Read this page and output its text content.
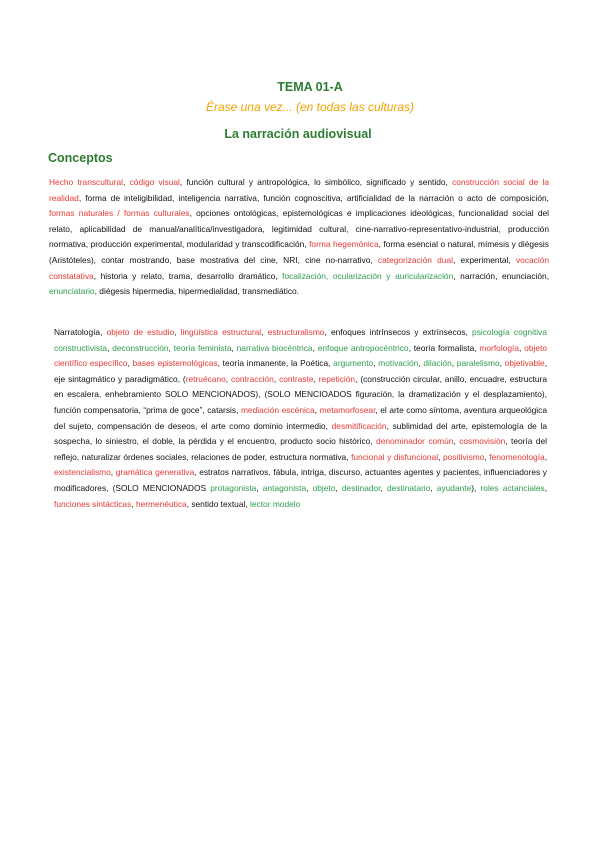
TEMA 01-A
Érase una vez... (en todas las culturas)
La narración audiovisual
Conceptos
Hecho transcultural, código visual, función cultural y antropológica, lo simbólico, significado y sentido, construcción social de la realidad, forma de inteligibilidad, inteligencia narrativa, función cognoscitiva, artificialidad de la narración o acto de composición, formas naturales / formas culturales, opciones ontológicas, epistemológicas e implicaciones ideológicas, funcionalidad social del relato, aplicabilidad de manual/analítica/investigadora, legitimidad cultural, cine-narrativo-representativo-industrial, producción normativa, producción experimental, modularidad y transcodificación, forma hegemónica, forma esencial o natural, mímesis y diégesis (Aristóteles), contar mostrando, base mostrativa del cine, NRI, cine no-narrativo, categorización dual, experimental, vocación constatativa, historia y relato, trama, desarrollo dramático, focalización, ocularización y auricularización, narración, enunciación, enunciatario, diégesis hipermedia, hipermedialidad, transmediático.
Narratología, objeto de estudio, lingüística estructural, estructuralismo, enfoques intrínsecos y extrínsecos, psicología cognitiva constructivista, deconstrucción, teoría feminista, narrativa biocéntrica, enfoque antropocéntrico, teoría formalista, morfología, objeto científico específico, bases epistemológicas, teoría inmanente, la Poética, argumento, motivación, dilación, paralelismo, objetivable, eje sintagmático y paradigmático, (retruécano, contracción, contraste, repetición, (construcción circular, anillo, encuadre, estructura en escalera, enhebramiento SOLO MENCIONADOS), (SOLO MENCIOADOS figuración, la dramatización y el desplazamiento), función compensatoria, “prima de goce”, catarsis, mediación escénica, metamorfosear, el arte como síntoma, aventura arqueológica del sujeto, compensación de deseos, el arte como dominio intermedio, desmitificación, sublimidad del arte, epistemología de la sospecha, lo siniestro, el doble, la pérdida y el encuentro, producto socio histórico, denominador común, cosmovisión, teoría del reflejo, naturalizar órdenes sociales, relaciones de poder, estructura normativa, funcional y disfuncional, positivismo, fenomenología, existencialismo, gramática generativa, estratos narrativos, fábula, intriga, discurso, actuantes agentes y pacientes, influenciadores y modificadores, (SOLO MENCIONADOS protagonista, antagonista, objeto, destinador, destinatario, ayudante), roles actanciales, funciones sintácticas, hermenéutica, sentido textual, lector modelo
